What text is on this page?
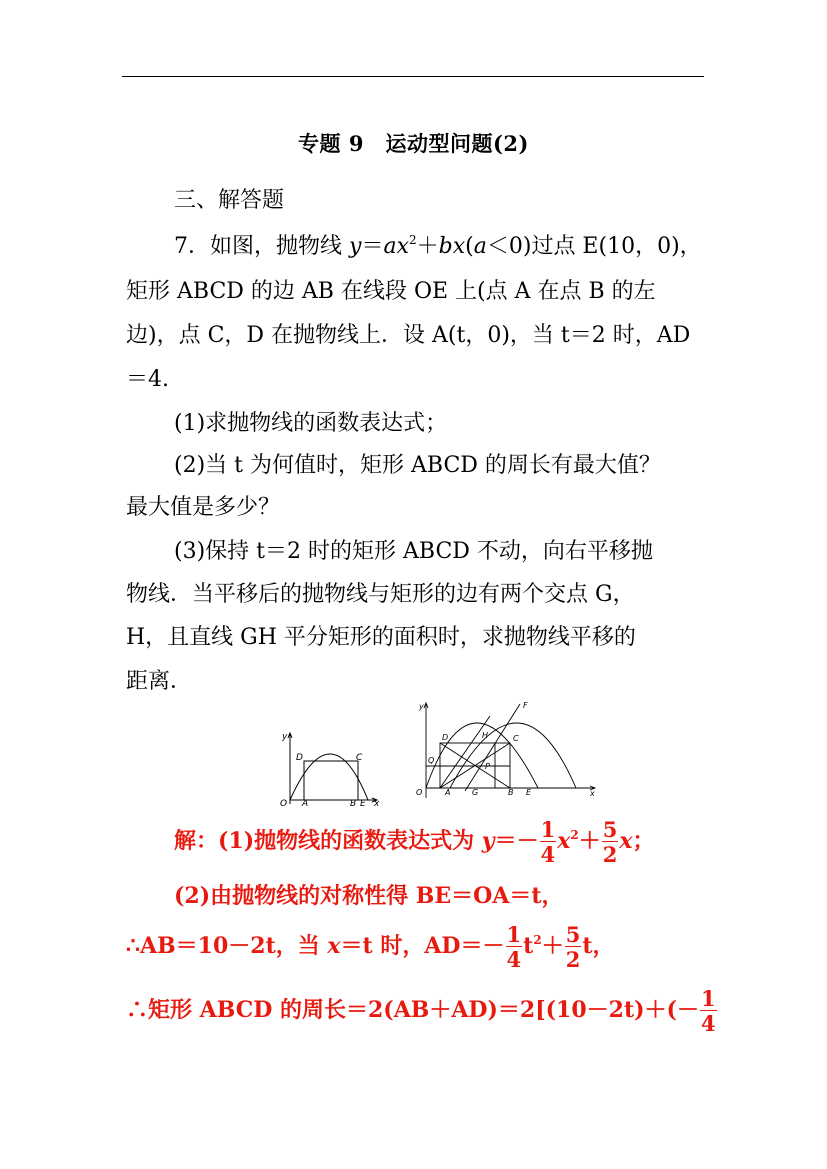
专题 9　运动型问题(2)
三、解答题
7．如图，抛物线 $y=ax^2+bx(a<0)$过点 E(10，0)，
矩形 ABCD 的边 AB 在线段 OE 上(点 A 在点 B 的左
边)，点 C，D 在抛物线上．设 A(t，0)，当 t＝2 时，AD
＝4.
(1)求抛物线的函数表达式；
(2)当 t 为何值时，矩形 ABCD 的周长有最大值？
最大值是多少？
(3)保持 t＝2 时的矩形 ABCD 不动，向右平移抛
物线．当平移后的抛物线与矩形的边有两个交点 G，
H，且直线 GH 平分矩形的面积时，求抛物线平移的
距离．
y
D	C
O A	B E x
y	F
D	H	C
Q
P
O	A	G	B E	x
解：(1)抛物线的函数表达式为 $y=- \frac{1}{4} x^2+ \frac{5}{2}$ x；
(2)由抛物线的对称性得 BE＝OA＝t，
∴AB＝10－2t，当 x＝t 时，$AD=- \frac{1}{4} t^2+ \frac{5}{2}$ t，
∴矩形 ABCD 的周长$=2(AB+AD)=2[(10-2t)+(- \frac{1}{4}$
